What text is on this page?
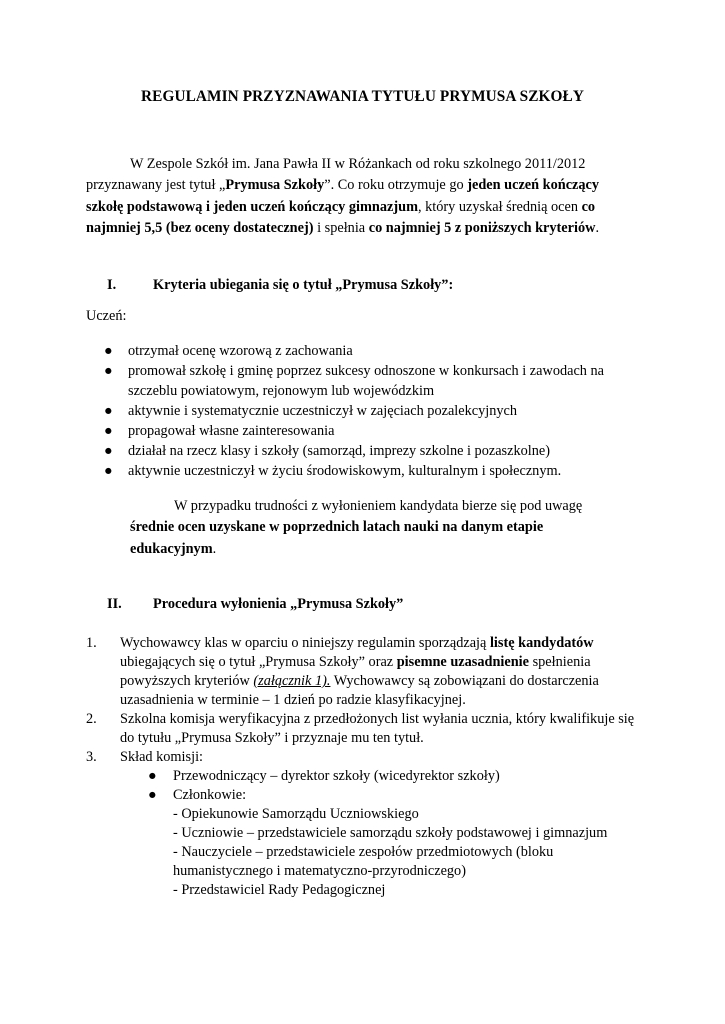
REGULAMIN PRZYZNAWANIA TYTUŁU PRYMUSA SZKOŁY
W Zespole Szkół im. Jana Pawła II w Różankach od roku szkolnego 2011/2012 przyznawany jest tytuł „Prymusa Szkoły”. Co roku otrzymuje go jeden uczeń kończący szkołę podstawową i jeden uczeń kończący gimnazjum, który uzyskał średnią ocen co najmniej 5,5 (bez oceny dostatecznej) i spełnia co najmniej 5 z poniższych kryteriów.
I.	Kryteria ubiegania się o tytuł „Prymusa Szkoły”:
Uczeń:
● otrzymał ocenę wzorową z zachowania
● promował szkołę i gminę poprzez sukcesy odnoszone w konkursach i zawodach na szczeblu powiatowym, rejonowym lub wojewódzkim
● aktywnie i systematycznie uczestniczył w zajęciach pozalekcyjnych
● propagował własne zainteresowania
● działał na rzecz klasy i szkoły (samorząd, imprezy szkolne i pozaszkolne)
● aktywnie uczestniczył w życiu środowiskowym, kulturalnym i społecznym.
W przypadku trudności z wyłonieniem kandydata bierze się pod uwagę średnie ocen uzyskane w poprzednich latach nauki na danym etapie edukacyjnym.
II. Procedura wyłonienia „Prymusa Szkoły”
1. Wychowawcy klas w oparciu o niniejszy regulamin sporządzają listę kandydatów ubiegających się o tytuł „Prymusa Szkoły” oraz pisemne uzasadnienie spełnienia powyższych kryteriów (załącznik 1). Wychowawcy są zobowiązani do dostarczenia uzasadnienia w terminie – 1 dzień po radzie klasyfikacyjnej.
2. Szkolna komisja weryfikacyjna z przedłożonych list wyłania ucznia, który kwalifikuje się do tytułu „Prymusa Szkoły” i przyznaje mu ten tytuł.
3. Skład komisji:
● Przewodniczący – dyrektor szkoły (wicedyrektor szkoły)
● Członkowie:
- Opiekunowie Samorządu Uczniowskiego
- Uczniowie – przedstawiciele samorządu szkoły podstawowej i gimnazjum
- Nauczyciele – przedstawiciele zespołów przedmiotowych (bloku humanistycznego i matematyczno-przyrodniczego)
- Przedstawiciel Rady Pedagogicznej
